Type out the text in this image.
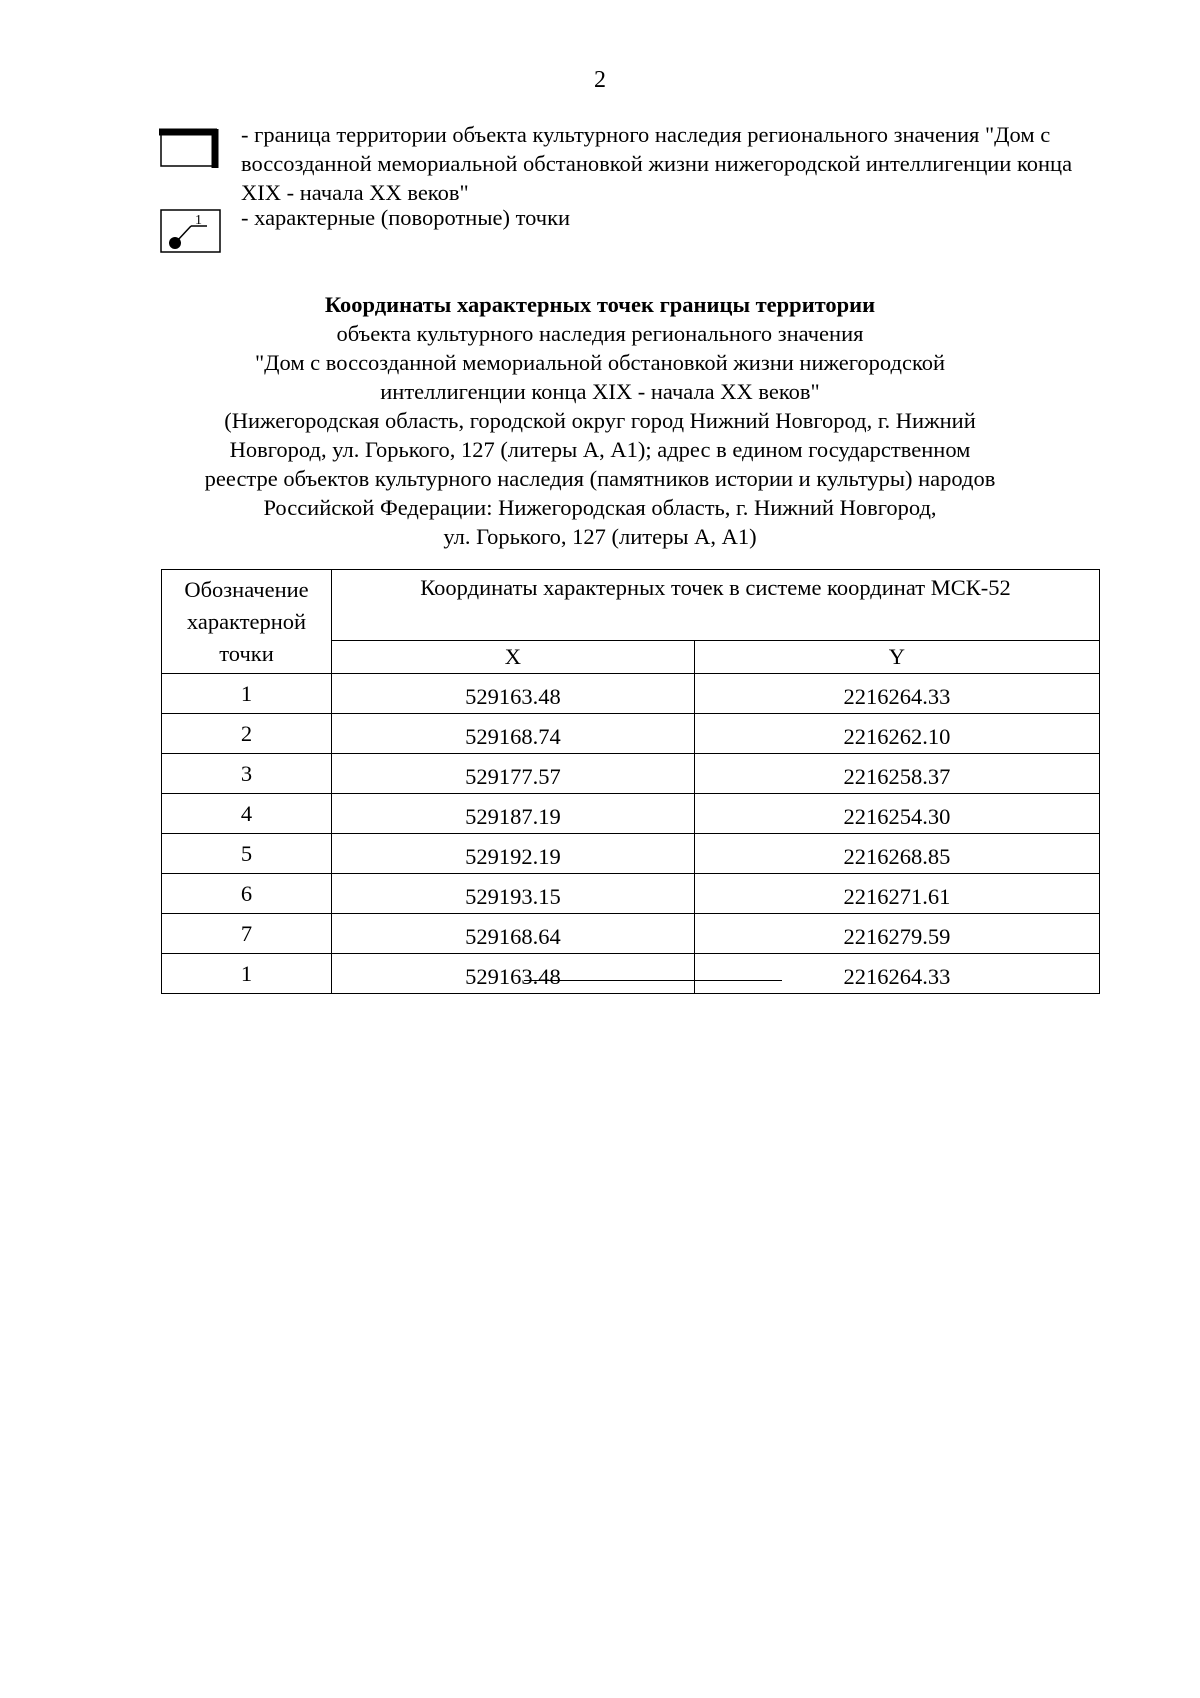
2
- граница территории объекта культурного наследия регионального значения "Дом с
воссозданной мемориальной обстановкой жизни нижегородской интеллигенции конца
XIX - начала XX веков"
1 - характерные (поворотные) точки
Координаты характерных точек границы территории
объекта культурного наследия регионального значения
"Дом с воссозданной мемориальной обстановкой жизни нижегородской
интеллигенции конца XIX - начала XX веков"
(Нижегородская область, городской округ город Нижний Новгород, г. Нижний
Новгород, ул. Горького, 127 (литеры А, А1); адрес в едином государственном
реестре объектов культурного наследия (памятников истории и культуры) народов
Российской Федерации: Нижегородская область, г. Нижний Новгород,
ул. Горького, 127 (литеры А, А1)
Обозначение
характерной
точки	Координаты характерных точек в системе координат МСК-52	
	X	Y
1	529163.48	2216264.33
2	529168.74	2216262.10
3	529177.57	2216258.37
4	529187.19	2216254.30
5	529192.19	2216268.85
6	529193.15	2216271.61
7	529168.64	2216279.59
1	529163.48	2216264.33
